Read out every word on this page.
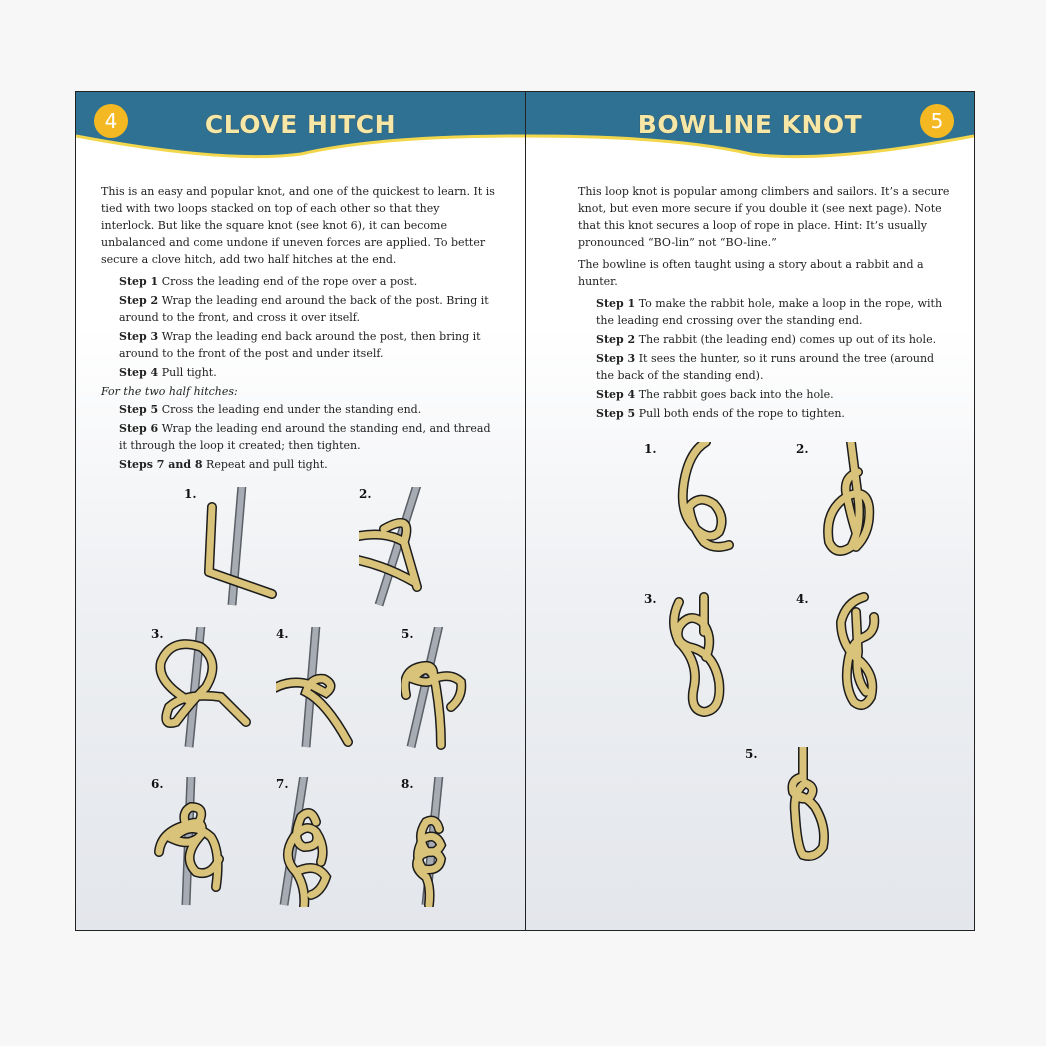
4	CLOVE HITCH

This is an easy and popular knot, and one of the quickest to learn. It is tied with two loops stacked on top of each other so that they interlock. But like the square knot (see knot 6), it can become unbalanced and come undone if uneven forces are applied. To better secure a clove hitch, add two half hitches at the end.

Step 1 Cross the leading end of the rope over a post.

Step 2 Wrap the leading end around the back of the post. Bring it around to the front, and cross it over itself.

Step 3 Wrap the leading end back around the post, then bring it around to the front of the post and under itself.

Step 4 Pull tight.

For the two half hitches:

Step 5 Cross the leading end under the standing end.

Step 6 Wrap the leading end around the standing end, and thread it through the loop it created; then tighten.

Steps 7 and 8 Repeat and pull tight.

1.	2.
3.	4.	5.
6.	7.	8.
BOWLINE KNOT	5

This loop knot is popular among climbers and sailors. It’s a secure knot, but even more secure if you double it (see next page). Note that this knot secures a loop of rope in place. Hint: It’s usually pronounced “BO-lin” not “BO-line.”

The bowline is often taught using a story about a rabbit and a hunter.

Step 1 To make the rabbit hole, make a loop in the rope, with the leading end crossing over the standing end.

Step 2 The rabbit (the leading end) comes up out of its hole.

Step 3 It sees the hunter, so it runs around the tree (around the back of the standing end).

Step 4 The rabbit goes back into the hole.

Step 5 Pull both ends of the rope to tighten.

1.	2.
3.	4.
5.
